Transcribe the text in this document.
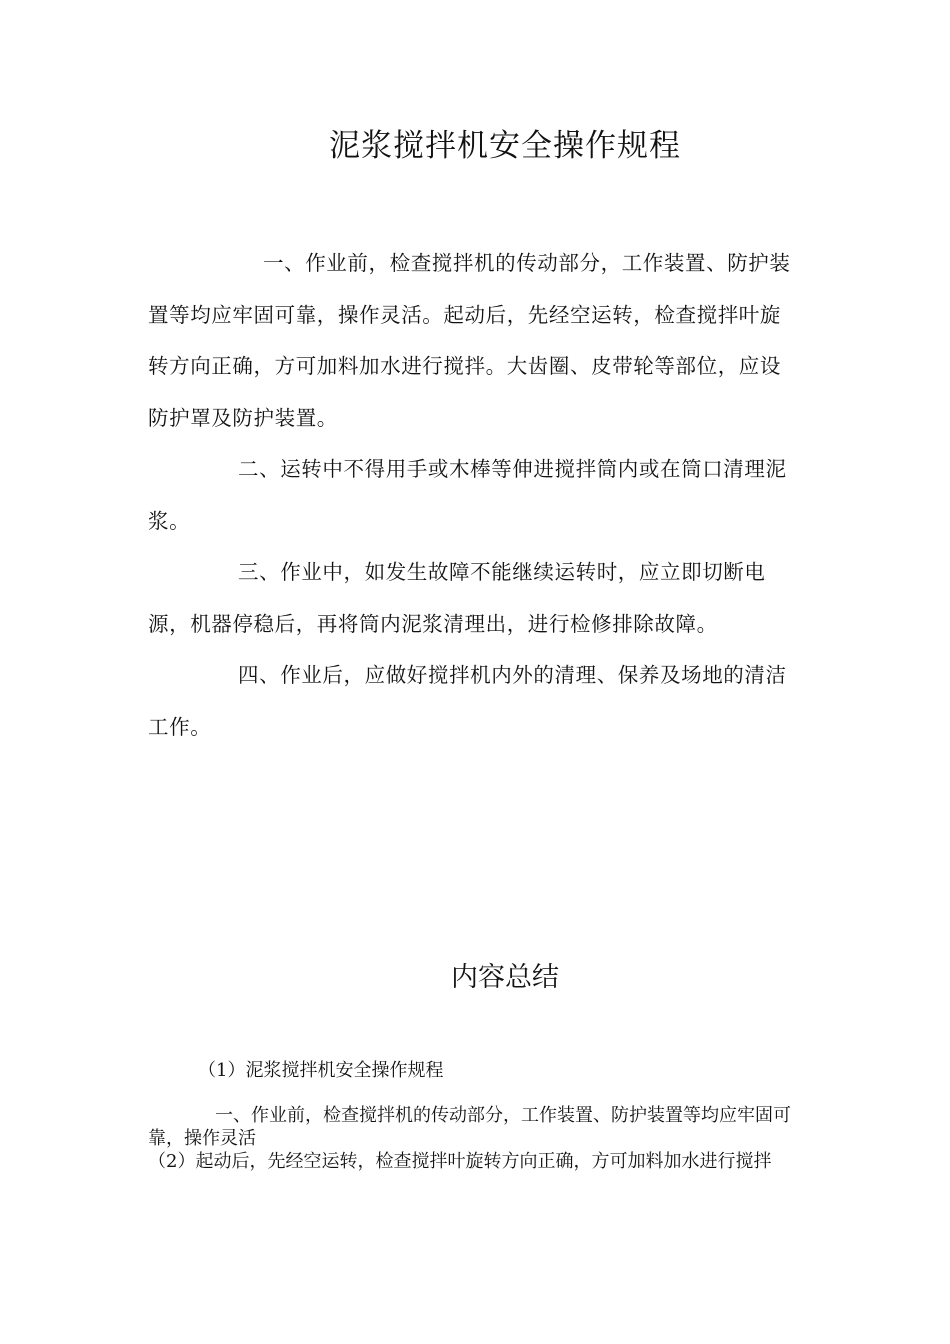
泥浆搅拌机安全操作规程

一、作业前，检查搅拌机的传动部分，工作装置、防护装置等均应牢固可靠，操作灵活。起动后，先经空运转，检查搅拌叶旋转方向正确，方可加料加水进行搅拌。大齿圈、皮带轮等部位，应设防护罩及防护装置。

二、运转中不得用手或木棒等伸进搅拌筒内或在筒口清理泥浆。

三、作业中，如发生故障不能继续运转时，应立即切断电源，机器停稳后，再将筒内泥浆清理出，进行检修排除故障。

四、作业后，应做好搅拌机内外的清理、保养及场地的清洁工作。

内容总结

（1）泥浆搅拌机安全操作规程

一、作业前，检查搅拌机的传动部分，工作装置、防护装置等均应牢固可靠，操作灵活

（2）起动后，先经空运转，检查搅拌叶旋转方向正确，方可加料加水进行搅拌
